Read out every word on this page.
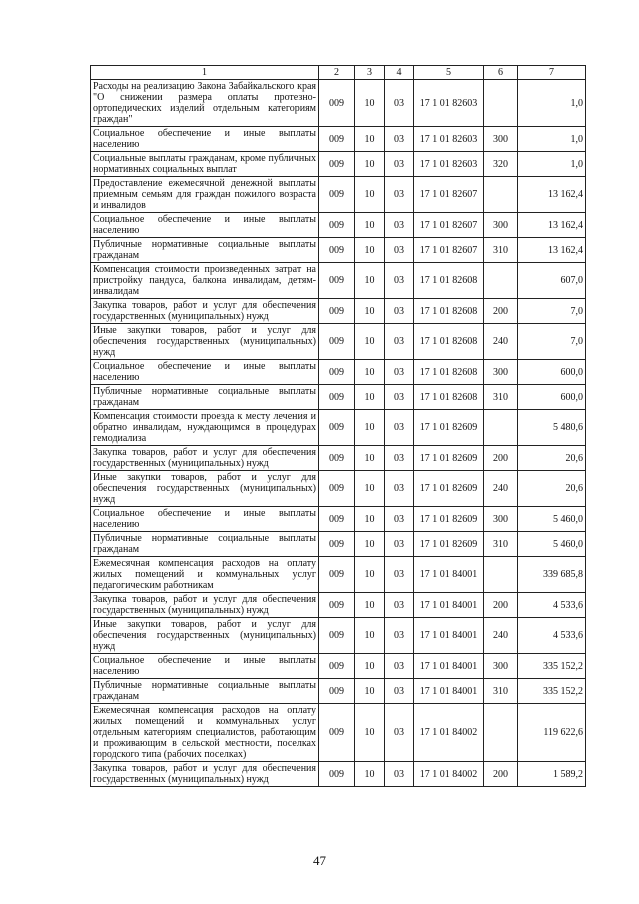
1	2	3	4	5	6	7
Расходы на реализацию Закона Забайкальского края "О снижении размера оплаты протезно-ортопедических изделий отдельным категориям граждан"	009	10	03	17 1 01 82603		1,0
Социальное обеспечение и иные выплаты населению	009	10	03	17 1 01 82603	300	1,0
Социальные выплаты гражданам, кроме публичных нормативных социальных выплат	009	10	03	17 1 01 82603	320	1,0
Предоставление ежемесячной денежной выплаты приемным семьям для граждан пожилого возраста и инвалидов	009	10	03	17 1 01 82607		13 162,4
Социальное обеспечение и иные выплаты населению	009	10	03	17 1 01 82607	300	13 162,4
Публичные нормативные социальные выплаты гражданам	009	10	03	17 1 01 82607	310	13 162,4
Компенсация стоимости произведенных затрат на пристройку пандуса, балкона инвалидам, детям-инвалидам	009	10	03	17 1 01 82608		607,0
Закупка товаров, работ и услуг для обеспечения государственных (муниципальных) нужд	009	10	03	17 1 01 82608	200	7,0
Иные закупки товаров, работ и услуг для обеспечения государственных (муниципальных) нужд	009	10	03	17 1 01 82608	240	7,0
Социальное обеспечение и иные выплаты населению	009	10	03	17 1 01 82608	300	600,0
Публичные нормативные социальные выплаты гражданам	009	10	03	17 1 01 82608	310	600,0
Компенсация стоимости проезда к месту лечения и обратно инвалидам, нуждающимся в процедурах гемодиализа	009	10	03	17 1 01 82609		5 480,6
Закупка товаров, работ и услуг для обеспечения государственных (муниципальных) нужд	009	10	03	17 1 01 82609	200	20,6
Иные закупки товаров, работ и услуг для обеспечения государственных (муниципальных) нужд	009	10	03	17 1 01 82609	240	20,6
Социальное обеспечение и иные выплаты населению	009	10	03	17 1 01 82609	300	5 460,0
Публичные нормативные социальные выплаты гражданам	009	10	03	17 1 01 82609	310	5 460,0
Ежемесячная компенсация расходов на оплату жилых помещений и коммунальных услуг педагогическим работникам	009	10	03	17 1 01 84001		339 685,8
Закупка товаров, работ и услуг для обеспечения государственных (муниципальных) нужд	009	10	03	17 1 01 84001	200	4 533,6
Иные закупки товаров, работ и услуг для обеспечения государственных (муниципальных) нужд	009	10	03	17 1 01 84001	240	4 533,6
Социальное обеспечение и иные выплаты населению	009	10	03	17 1 01 84001	300	335 152,2
Публичные нормативные социальные выплаты гражданам	009	10	03	17 1 01 84001	310	335 152,2
Ежемесячная компенсация расходов на оплату жилых помещений и коммунальных услуг отдельным категориям специалистов, работающим и проживающим в сельской местности, поселках городского типа (рабочих поселках)	009	10	03	17 1 01 84002		119 622,6
Закупка товаров, работ и услуг для обеспечения государственных (муниципальных) нужд	009	10	03	17 1 01 84002	200	1 589,2
47
